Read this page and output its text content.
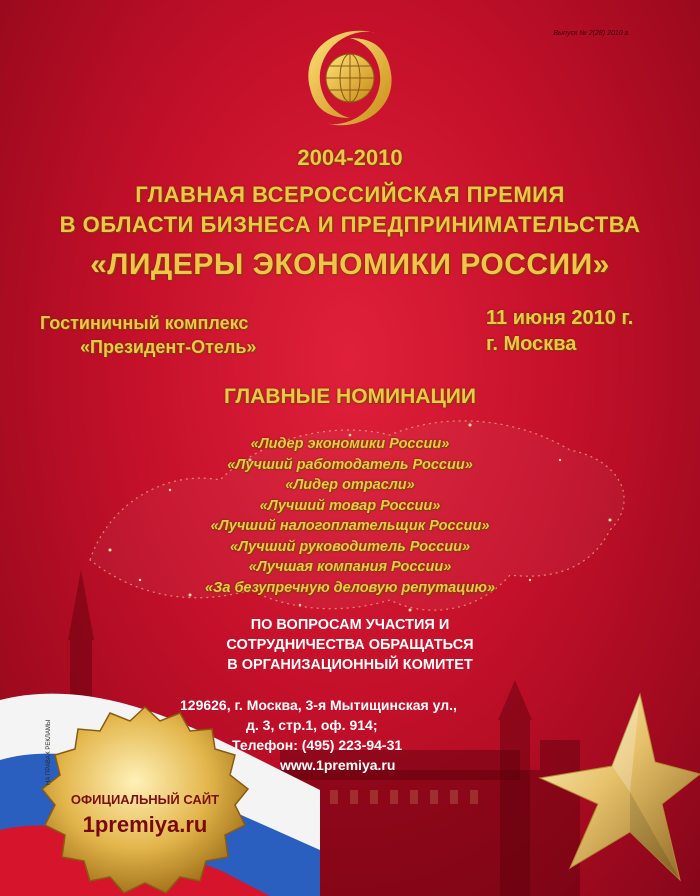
ОФИЦИАЛЬНЫЙ САЙТ
1premiya.ru
НА ПРАВАХ РЕКЛАМЫ
Выпуск № 2(28) 2010 г.
2004-2010
ГЛАВНАЯ ВСЕРОССИЙСКАЯ ПРЕМИЯ
В ОБЛАСТИ БИЗНЕСА И ПРЕДПРИНИМАТЕЛЬСТВА
«ЛИДЕРЫ ЭКОНОМИКИ РОССИИ»
Гостиничный комплекс
«Президент-Отель»
11 июня 2010 г.
г. Москва
ГЛАВНЫЕ НОМИНАЦИИ
«Лидер экономики России»
«Лучший работодатель России»
«Лидер отрасли»
«Лучший товар России»
«Лучший налогоплательщик России»
«Лучший руководитель России»
«Лучшая компания России»
«За безупречную деловую репутацию»
ПО ВОПРОСАМ УЧАСТИЯ И
СОТРУДНИЧЕСТВА ОБРАЩАТЬСЯ
В ОРГАНИЗАЦИОННЫЙ КОМИТЕТ
129626, г. Москва, 3-я Мытищинская ул.,
д. 3, стр.1, оф. 914;
Телефон: (495) 223-94-31
www.1premiya.ru
